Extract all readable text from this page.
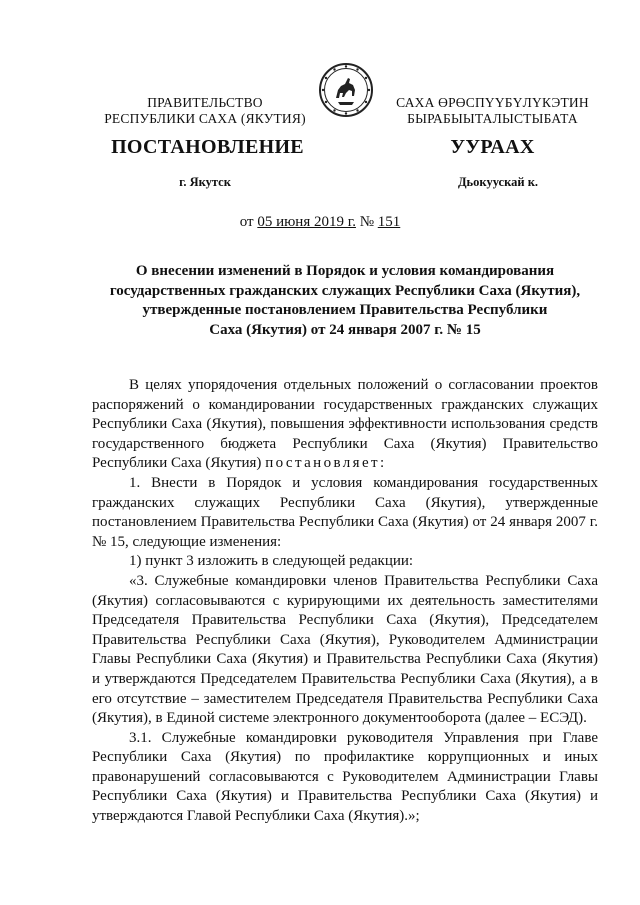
ПРАВИТЕЛЬСТВО
РЕСПУБЛИКИ САХА (ЯКУТИЯ)
САХА ӨРӨСПҮҮБҮЛҮКЭТИН
БЫРАБЫЫТАЛЫСТЫБАТА
ПОСТАНОВЛЕНИЕ	УУРААХ
г. Якутск	Дьокуускай к.
от 05 июня 2019 г. № 151
О внесении изменений в Порядок и условия командирования
государственных гражданских служащих Республики Саха (Якутия),
утвержденные постановлением Правительства Республики
Саха (Якутия) от 24 января 2007 г. № 15

В целях упорядочения отдельных положений о согласовании проектов распоряжений о командировании государственных гражданских служащих Республики Саха (Якутия), повышения эффективности использования средств государственного бюджета Республики Саха (Якутия) Правительство Республики Саха (Якутия) постановляет:

1. Внести в Порядок и условия командирования государственных гражданских служащих Республики Саха (Якутия), утвержденные постановлением Правительства Республики Саха (Якутия) от 24 января 2007 г. № 15, следующие изменения:

1) пункт 3 изложить в следующей редакции:

«3. Служебные командировки членов Правительства Республики Саха (Якутия) согласовываются с курирующими их деятельность заместителями Председателя Правительства Республики Саха (Якутия), Председателем Правительства Республики Саха (Якутия), Руководителем Администрации Главы Республики Саха (Якутия) и Правительства Республики Саха (Якутия) и утверждаются Председателем Правительства Республики Саха (Якутия), а в его отсутствие – заместителем Председателя Правительства Республики Саха (Якутия), в Единой системе электронного документооборота (далее – ЕСЭД).

3.1. Служебные командировки руководителя Управления при Главе Республики Саха (Якутия) по профилактике коррупционных и иных правонарушений согласовываются с Руководителем Администрации Главы Республики Саха (Якутия) и Правительства Республики Саха (Якутия) и утверждаются Главой Республики Саха (Якутия).»;
